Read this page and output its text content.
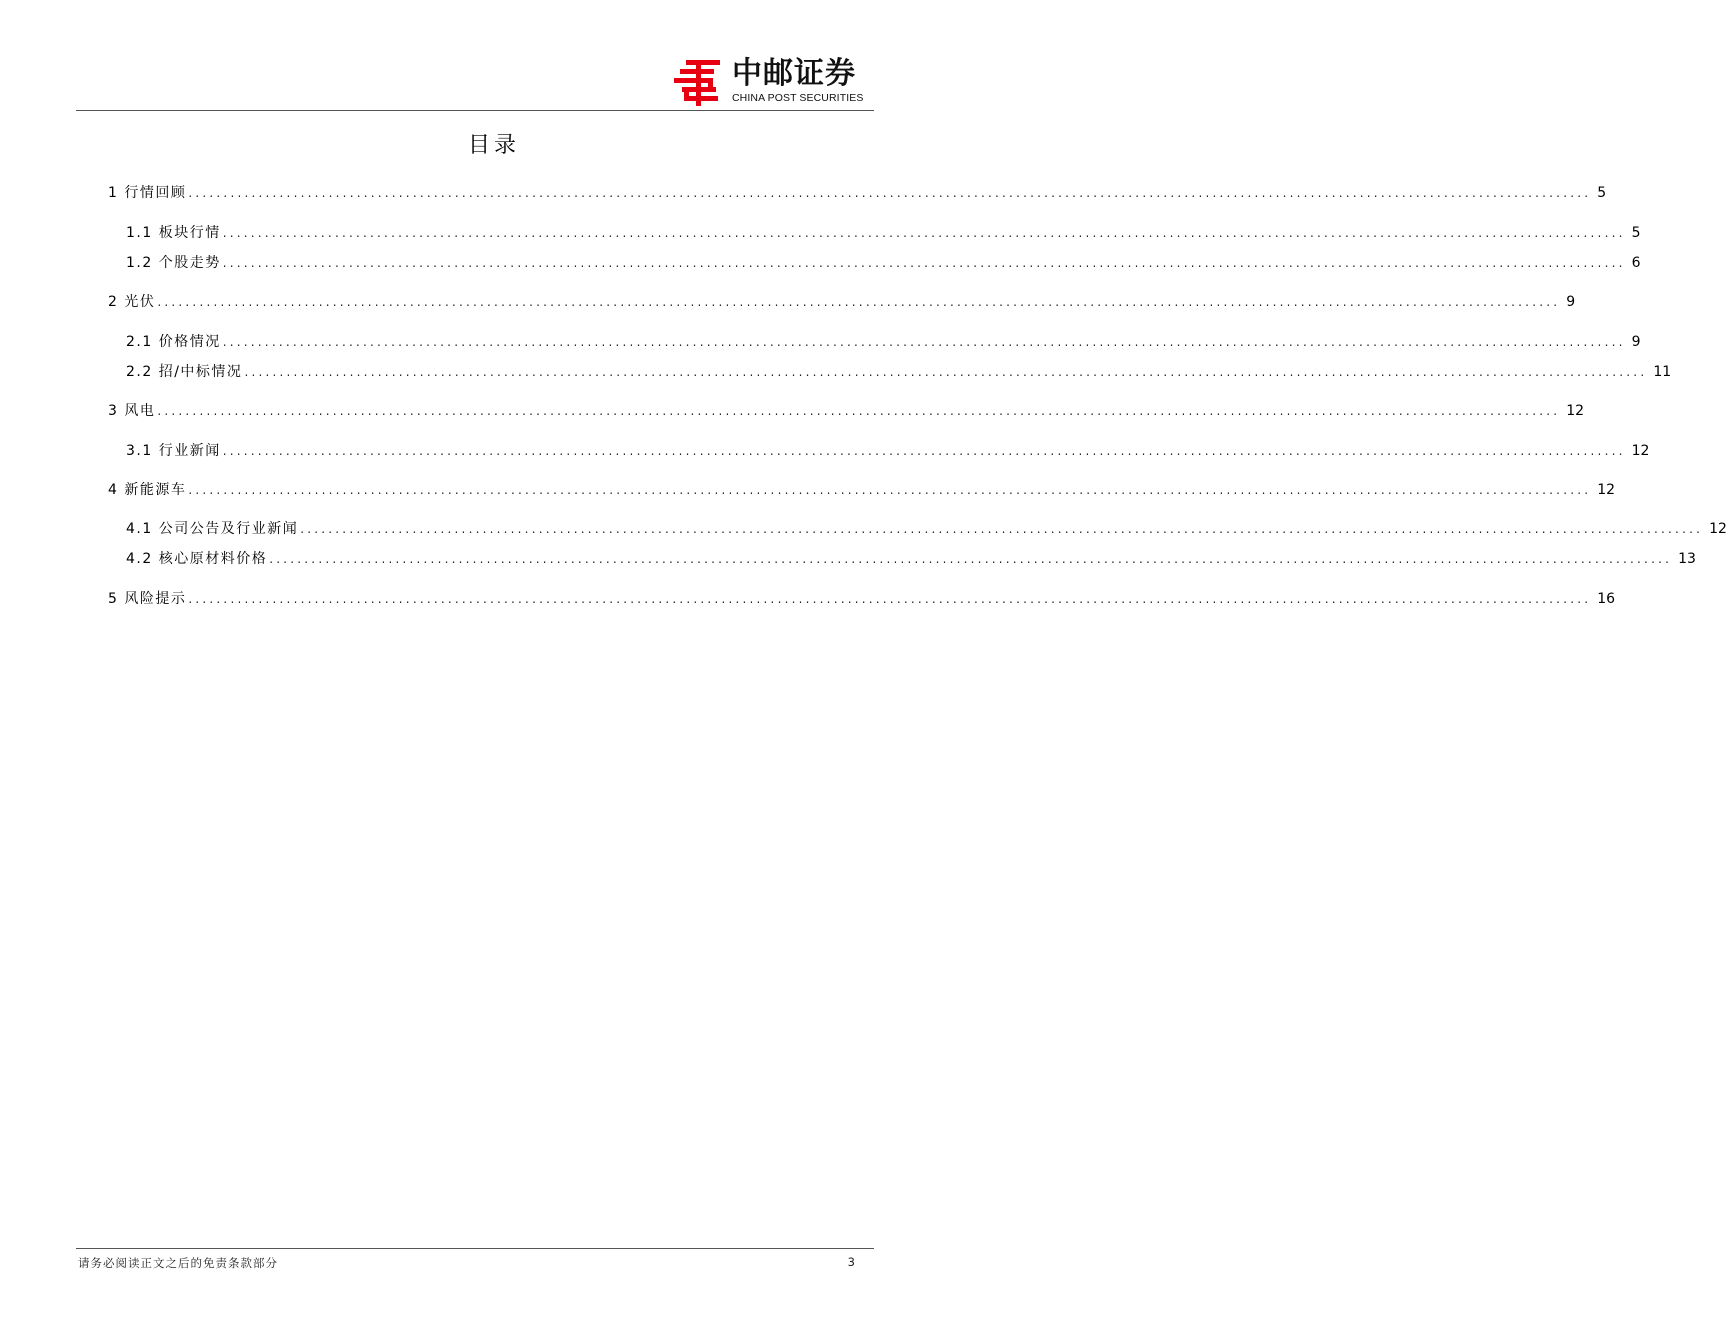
中邮证券
CHINA POST SECURITIES
目录
1 行情回顾 ........................................................................................................................................................................................................ 5
1.1 板块行情 ........................................................................................................................................................................................................ 5
1.2 个股走势 ........................................................................................................................................................................................................ 6
2 光伏 ........................................................................................................................................................................................................ 9
2.1 价格情况 ........................................................................................................................................................................................................ 9
2.2 招/中标情况 ........................................................................................................................................................................................................ 11
3 风电 ........................................................................................................................................................................................................ 12
3.1 行业新闻 ........................................................................................................................................................................................................ 12
4 新能源车 ........................................................................................................................................................................................................ 12
4.1 公司公告及行业新闻 ........................................................................................................................................................................................................ 12
4.2 核心原材料价格 ........................................................................................................................................................................................................ 13
5 风险提示 ........................................................................................................................................................................................................ 16
请务必阅读正文之后的免责条款部分	3
